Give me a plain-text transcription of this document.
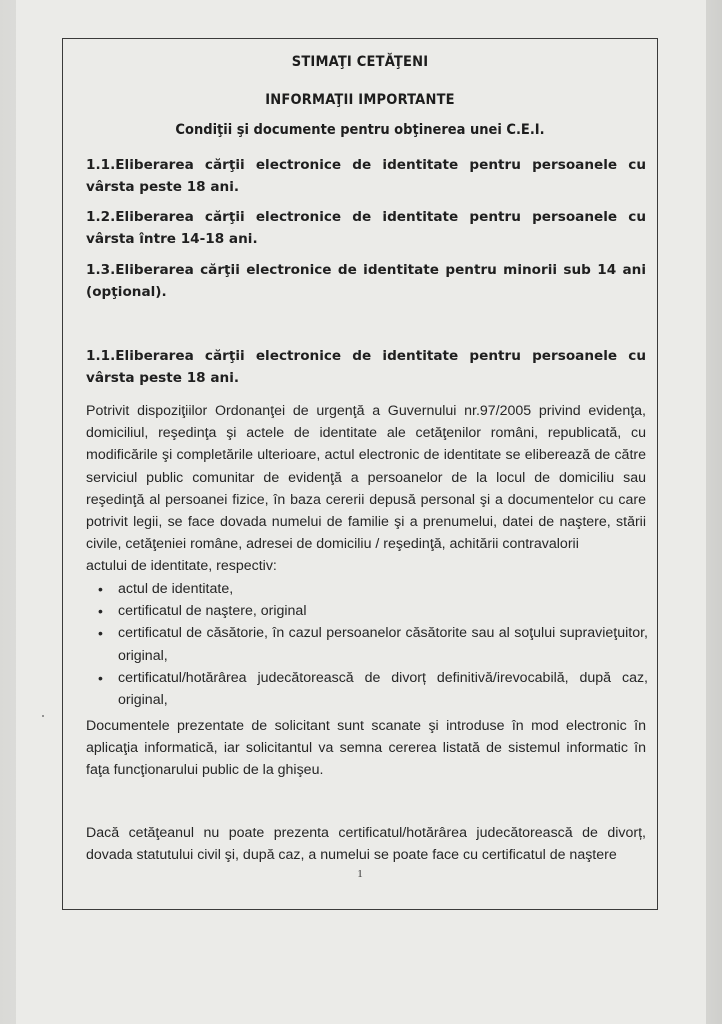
STIMAŢI CETĂŢENI
INFORMAŢII IMPORTANTE
Condiţii şi documente pentru obţinerea unei C.E.I.
1.1.Eliberarea cărţii electronice de identitate pentru persoanele cu vârsta peste 18 ani.
1.2.Eliberarea cărţii electronice de identitate pentru persoanele cu vârsta între 14-18 ani.
1.3.Eliberarea cărţii electronice de identitate pentru minorii sub 14 ani (opţional).
1.1.Eliberarea cărţii electronice de identitate pentru persoanele cu vârsta peste 18 ani.
Potrivit dispoziţiilor Ordonanţei de urgenţă a Guvernului nr.97/2005 privind evidenţa, domiciliul, reşedinţa şi actele de identitate ale cetăţenilor români, republicată, cu modificările şi completările ulterioare, actul electronic de identitate se eliberează de către serviciul public comunitar de evidenţă a persoanelor de la locul de domiciliu sau reşedinţă al persoanei fizice, în baza cererii depusă personal şi a documentelor cu care potrivit legii, se face dovada numelui de familie şi a prenumelui, datei de naştere, stării civile, cetăţeniei române, adresei de domiciliu / reşedinţă, achitării contravalorii
actului de identitate, respectiv:
• actul de identitate,
• certificatul de naştere, original
• certificatul de căsătorie, în cazul persoanelor căsătorite sau al soţului supravieţuitor, original,
• certificatul/hotărârea judecătorească de divorț definitivă/irevocabilă, după caz, original,
Documentele prezentate de solicitant sunt scanate şi introduse în mod electronic în aplicaţia informatică, iar solicitantul va semna cererea listată de sistemul informatic în faţa funcţionarului public de la ghişeu.
Dacă cetăţeanul nu poate prezenta certificatul/hotărârea judecătorească de divorț, dovada statutului civil şi, după caz, a numelui se poate face cu certificatul de naştere
1
